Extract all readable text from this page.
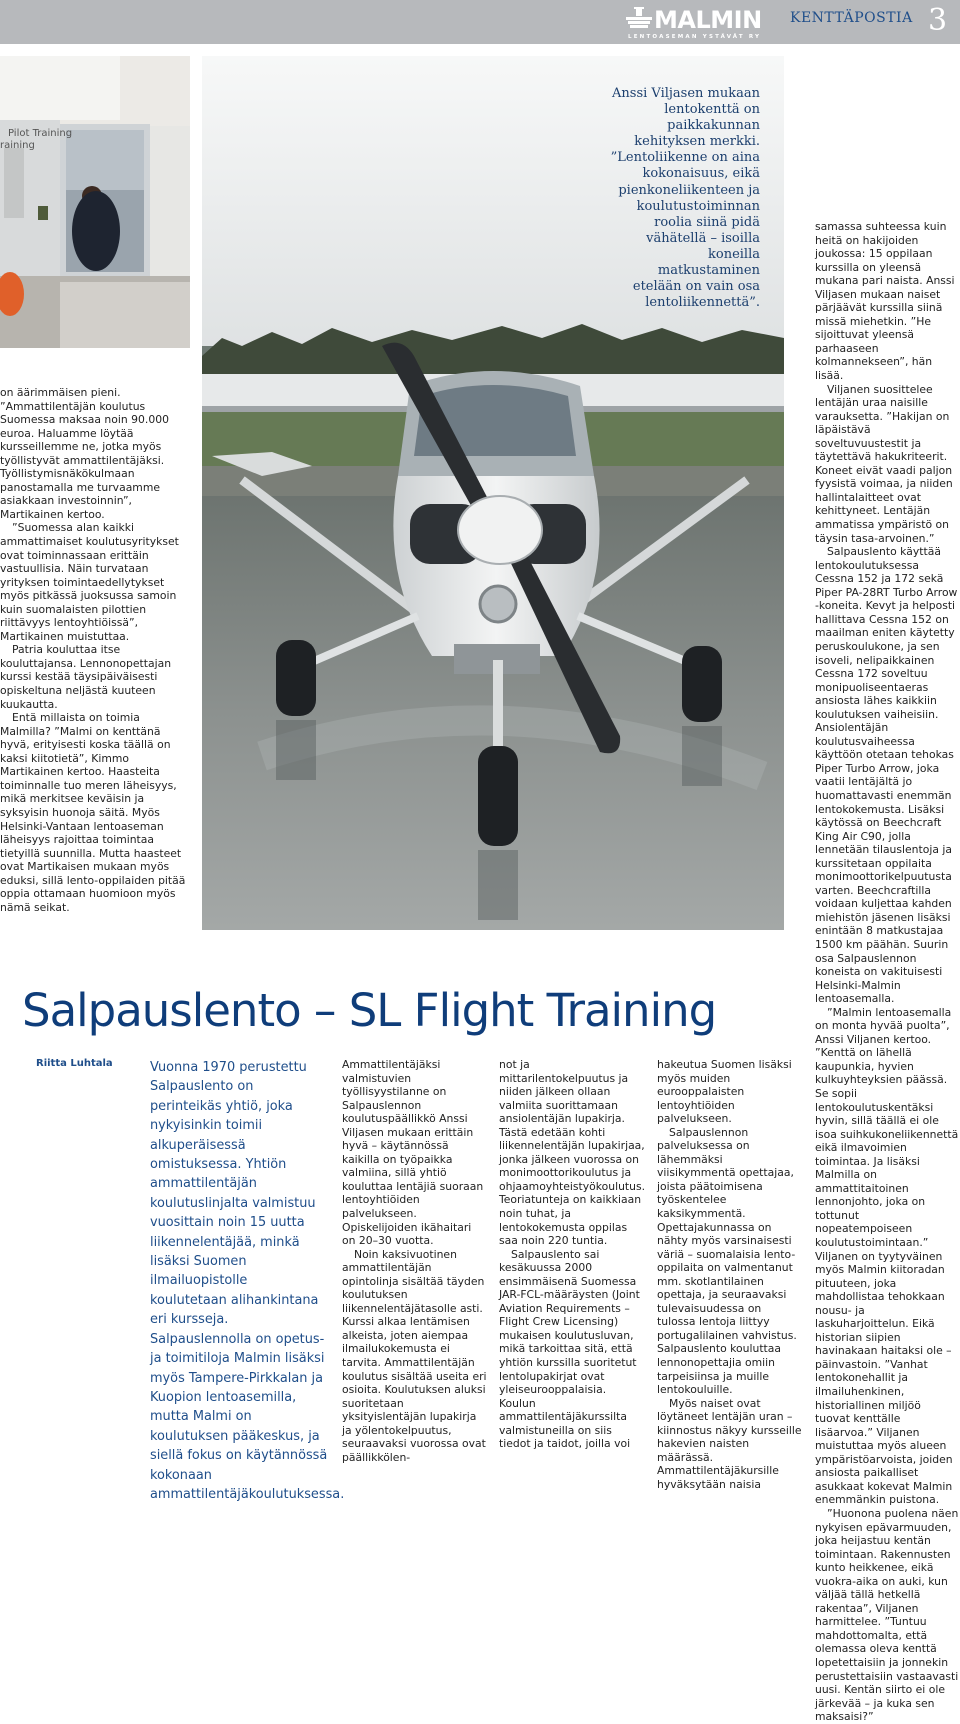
MALMIN
LENTOASEMAN YSTÄVÄT RY
KENTTÄPOSTIA 3
Pilot Training
raining
Anssi Viljasen mukaan lentokenttä on paikkakunnan kehityksen merkki. ”Lentoliikenne on aina kokonaisuus, eikä pienkoneliikenteen ja koulutustoiminnan roolia siinä pidä vähätellä – isoilla koneilla matkustaminen etelään on vain osa lentoliikennettä”.

on äärimmäisen pieni. ”Ammattilentäjän koulutus Suomessa maksaa noin 90.000 euroa. Haluamme löytää kursseillemme ne, jotka myös työllistyvät ammattilentäjäksi. Työllistymisnäkökulmaan panostamalla me turvaamme asiakkaan investoinnin”, Martikainen kertoo.

”Suomessa alan kaikki ammattimaiset koulutusyritykset ovat toiminnassaan erittäin vastuullisia. Näin turvataan yrityksen toimintaedellytykset myös pitkässä juoksussa samoin kuin suomalaisten pilottien riittävyys lentoyhtiöissä”, Martikainen muistuttaa.

Patria kouluttaa itse kouluttajansa. Lennonopettajan kurssi kestää täysipäiväisesti opiskeltuna neljästä kuuteen kuukautta.

Entä millaista on toimia Malmilla? ”Malmi on kenttänä hyvä, erityisesti koska täällä on kaksi kiitotietä”, Kimmo Martikainen kertoo. Haasteita toiminnalle tuo meren läheisyys, mikä merkitsee keväisin ja syksyisin huonoja säitä. Myös Helsinki-Vantaan lentoaseman läheisyys rajoittaa toimintaa tietyillä suunnilla. Mutta haasteet ovat Martikaisen mukaan myös eduksi, sillä lento-oppilaiden pitää oppia ottamaan huomioon myös nämä seikat.

samassa suhteessa kuin heitä on hakijoiden joukossa: 15 oppilaan kurssilla on yleensä mukana pari naista. Anssi Viljasen mukaan naiset pärjäävät kurssilla siinä missä miehetkin. ”He sijoittuvat yleensä parhaaseen kolmannekseen”, hän lisää.

Viljanen suosittelee lentäjän uraa naisille varauksetta. ”Hakijan on läpäistävä soveltuvuustestit ja täytettävä hakukriteerit. Koneet eivät vaadi paljon fyysistä voimaa, ja niiden hallintalaitteet ovat kehittyneet. Lentäjän ammatissa ympäristö on täysin tasa-arvoinen.”

Salpauslento käyttää lentokoulutuksessa Cessna 152 ja 172 sekä Piper PA-28RT Turbo Arrow -koneita. Kevyt ja helposti hallittava Cessna 152 on maailman eniten käytetty peruskoulukone, ja sen isoveli, nelipaikkainen Cessna 172 soveltuu monipuoliseentaeras ansiosta lähes kaikkiin koulutuksen vaiheisiin. Ansiolentäjän koulutusvaiheessa käyttöön otetaan tehokas Piper Turbo Arrow, joka vaatii lentäjältä jo huomattavasti enemmän lentokokemusta. Lisäksi käytössä on Beechcraft King Air C90, jolla lennetään tilauslentoja ja kurssitetaan oppilaita monimoottorikelpuutusta varten. Beechcraftilla voidaan kuljettaa kahden miehistön jäsenen lisäksi enintään 8 matkustajaa 1500 km päähän. Suurin osa Salpauslennon koneista on vakituisesti Helsinki-Malmin lentoasemalla.

”Malmin lentoasemalla on monta hyvää puolta”, Anssi Viljanen kertoo. ”Kenttä on lähellä kaupunkia, hyvien kulkuyhteyksien päässä. Se sopii lentokoulutuskentäksi hyvin, sillä täällä ei ole isoa suihkukoneliikennettä eikä ilmavoimien toimintaa. Ja lisäksi Malmilla on ammattitaitoinen lennonjohto, joka on tottunut nopeatempoiseen koulutustoimintaan.” Viljanen on tyytyväinen myös Malmin kiitoradan pituuteen, joka mahdollistaa tehokkaan nousu- ja laskuharjoittelun. Eikä historian siipien havinakaan haitaksi ole – päinvastoin. ”Vanhat lentokonehallit ja ilmailuhenkinen, historiallinen miljöö tuovat kenttälle lisäarvoa.” Viljanen muistuttaa myös alueen ympäristöarvoista, joiden ansiosta paikalliset asukkaat kokevat Malmin enemmänkin puistona.

”Huonona puolena näen nykyisen epävarmuuden, joka heijastuu kentän toimintaan. Rakennusten kunto heikkenee, eikä vuokra-aika on auki, kun väljää tällä hetkellä rakentaa”, Viljanen harmittelee. ”Tuntuu mahdottomalta, että olemassa oleva kenttä lopetettaisiin ja jonnekin perustettaisiin vastaavasti uusi. Kentän siirto ei ole järkevää – ja kuka sen maksaisi?”

Salpauslento – SL Flight Training
Riitta Luhtala	Vuonna 1970 perustettu Salpauslento on perinteikäs yhtiö, joka nykyisinkin toimii alkuperäisessä omistuksessa. Yhtiön ammattilentäjän koulutuslinjalta valmistuu vuosittain noin 15 uutta liikennelentäjää, minkä lisäksi Suomen ilmailuopistolle koulutetaan alihankintana eri kursseja. Salpauslennolla on opetus- ja toimitiloja Malmin lisäksi myös Tampere-Pirkkalan ja Kuopion lentoasemilla, mutta Malmi on koulutuksen pääkeskus, ja siellä fokus on käytännössä kokonaan ammattilentäjäkoulutuksessa.

Ammattilentäjäksi valmistuvien työllisyystilanne on Salpauslennon koulutuspäällikkö Anssi Viljasen mukaan erittäin hyvä – käytännössä kaikilla on työpaikka valmiina, sillä yhtiö kouluttaa lentäjiä suoraan lentoyhtiöiden palvelukseen. Opiskelijoiden ikähaitari on 20–30 vuotta.

Noin kaksivuotinen ammattilentäjän opintolinja sisältää täyden koulutuksen liikennelentäjätasolle asti. Kurssi alkaa lentämisen alkeista, joten aiempaa ilmailukokemusta ei tarvita. Ammattilentäjän koulutus sisältää useita eri osioita. Koulutuksen aluksi suoritetaan yksityislentäjän lupakirja ja yölentokelpuutus, seuraavaksi vuorossa ovat päällikkölen-

not ja mittarilentokelpuutus ja niiden jälkeen ollaan valmiita suorittamaan ansiolentäjän lupakirja. Tästä edetään kohti liikennelentäjän lupakirjaa, jonka jälkeen vuorossa on monimoottorikoulutus ja ohjaamoyhteistyökoulutus. Teoriatunteja on kaikkiaan noin tuhat, ja lentokokemusta oppilas saa noin 220 tuntia.

Salpauslento sai kesäkuussa 2000 ensimmäisenä Suomessa JAR-FCL-määräysten (Joint Aviation Requirements – Flight Crew Licensing) mukaisen koulutusluvan, mikä tarkoittaa sitä, että yhtiön kurssilla suoritetut lentolupakirjat ovat yleiseurooppalaisia. Koulun ammattilentäjäkurssilta valmistuneilla on siis tiedot ja taidot, joilla voi

hakeutua Suomen lisäksi myös muiden eurooppalaisten lentoyhtiöiden palvelukseen.

Salpauslennon palveluksessa on lähemmäksi viisikymmentä opettajaa, joista päätoimisena työskentelee kaksikymmentä. Opettajakunnassa on nähty myös varsinaisesti väriä – suomalaisia lento-oppilaita on valmentanut mm. skotlantilainen opettaja, ja seuraavaksi tulevaisuudessa on tulossa lentoja liittyy portugalilainen vahvistus. Salpauslento kouluttaa lennonopettajia omiin tarpeisiinsa ja muille lentokouluille.

Myös naiset ovat löytäneet lentäjän uran – kiinnostus näkyy kursseille hakevien naisten määrässä. Ammattilentäjäkursille hyväksytään naisia
